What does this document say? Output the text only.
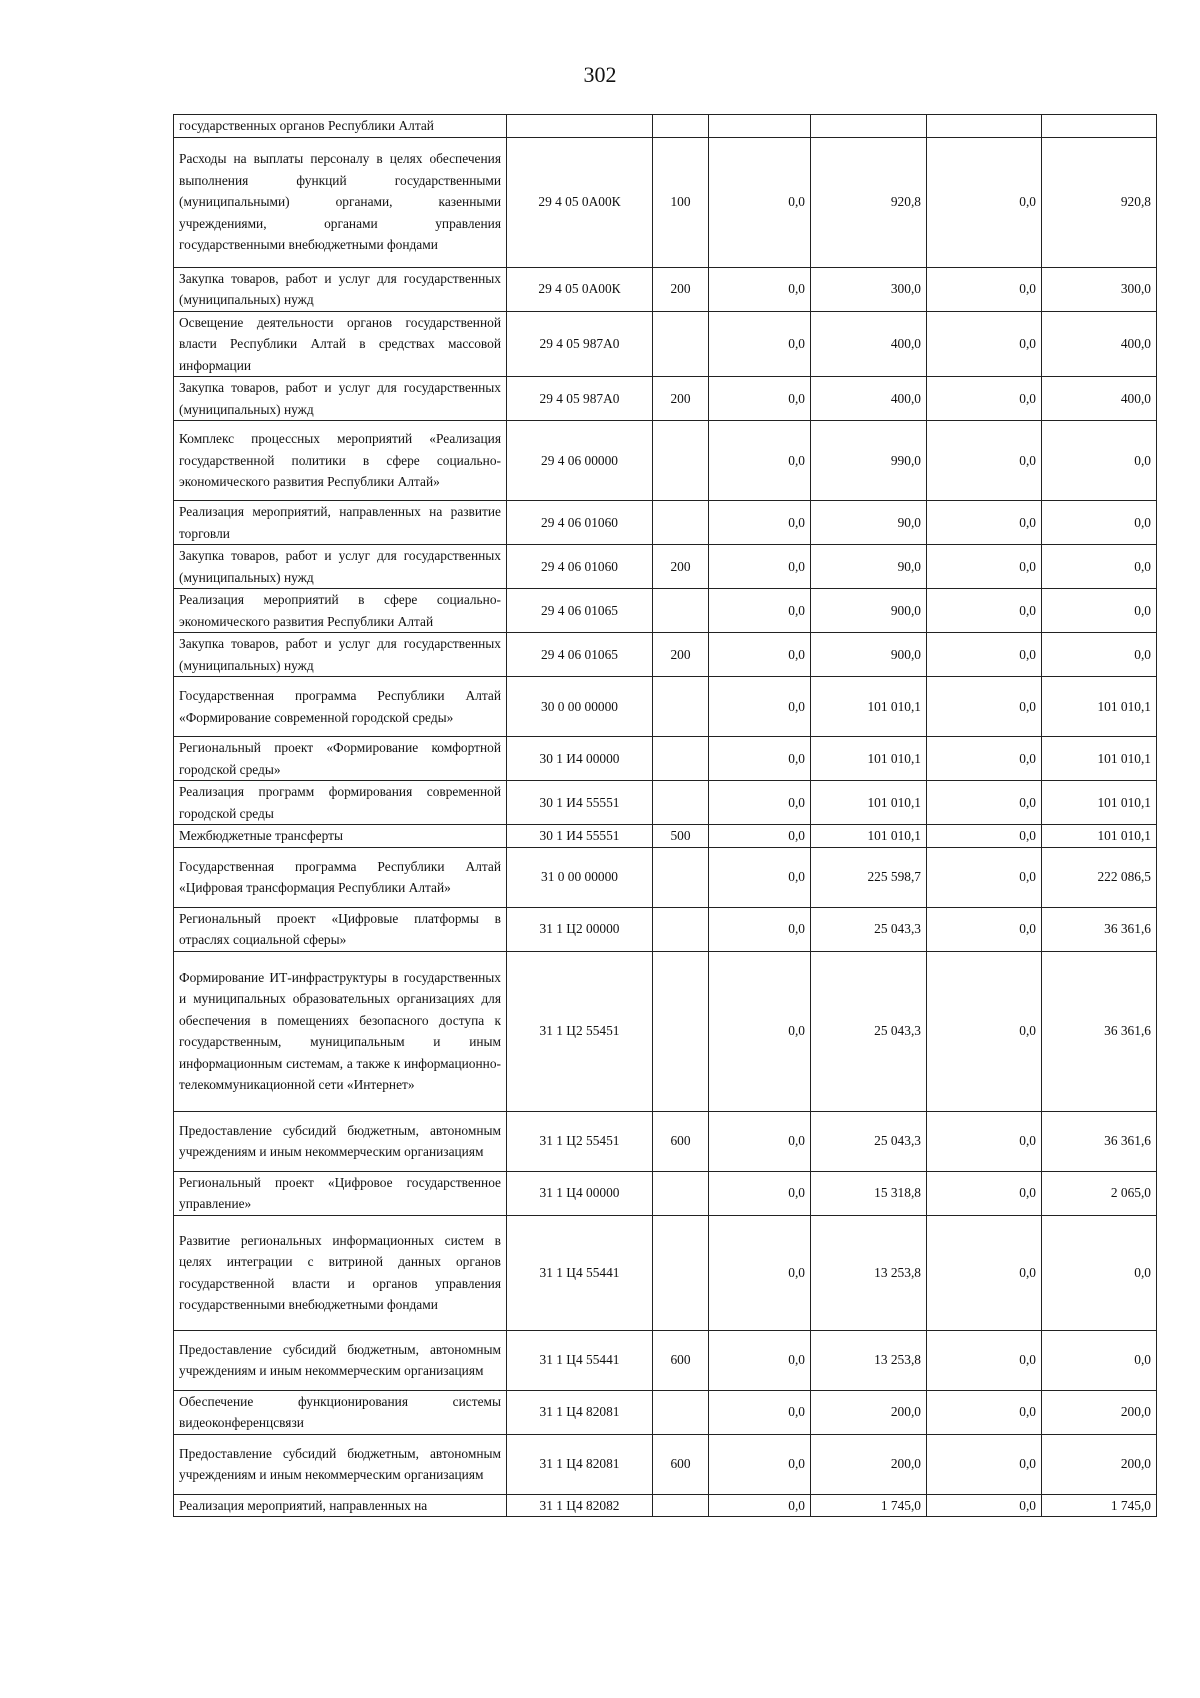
302
государственных органов Республики Алтай						
Расходы на выплаты персоналу в целях обеспечения выполнения функций государственными (муниципальными) органами, казенными учреждениями, органами управления государственными внебюджетными фондами	29 4 05 0А00К	100	0,0	920,8	0,0	920,8
Закупка товаров, работ и услуг для государственных (муниципальных) нужд	29 4 05 0А00К	200	0,0	300,0	0,0	300,0
Освещение деятельности органов государственной власти Республики Алтай в средствах массовой информации	29 4 05 987А0		0,0	400,0	0,0	400,0
Закупка товаров, работ и услуг для государственных (муниципальных) нужд	29 4 05 987А0	200	0,0	400,0	0,0	400,0
Комплекс процессных мероприятий «Реализация государственной политики в сфере социально-экономического развития Республики Алтай»	29 4 06 00000		0,0	990,0	0,0	0,0
Реализация мероприятий, направленных на развитие торговли	29 4 06 01060		0,0	90,0	0,0	0,0
Закупка товаров, работ и услуг для государственных (муниципальных) нужд	29 4 06 01060	200	0,0	90,0	0,0	0,0
Реализация мероприятий в сфере социально-экономического развития Республики Алтай	29 4 06 01065		0,0	900,0	0,0	0,0
Закупка товаров, работ и услуг для государственных (муниципальных) нужд	29 4 06 01065	200	0,0	900,0	0,0	0,0
Государственная программа Республики Алтай «Формирование современной городской среды»	30 0 00 00000		0,0	101 010,1	0,0	101 010,1
Региональный проект «Формирование комфортной городской среды»	30 1 И4 00000		0,0	101 010,1	0,0	101 010,1
Реализация программ формирования современной городской среды	30 1 И4 55551		0,0	101 010,1	0,0	101 010,1
Межбюджетные трансферты	30 1 И4 55551	500	0,0	101 010,1	0,0	101 010,1
Государственная программа Республики Алтай «Цифровая трансформация Республики Алтай»	31 0 00 00000		0,0	225 598,7	0,0	222 086,5
Региональный проект «Цифровые платформы в отраслях социальной сферы»	31 1 Ц2 00000		0,0	25 043,3	0,0	36 361,6
Формирование ИТ-инфраструктуры в государственных и муниципальных образовательных организациях для обеспечения в помещениях безопасного доступа к государственным, муниципальным и иным информационным системам, а также к информационно-телекоммуникационной сети «Интернет»	31 1 Ц2 55451		0,0	25 043,3	0,0	36 361,6
Предоставление субсидий бюджетным, автономным учреждениям и иным некоммерческим организациям	31 1 Ц2 55451	600	0,0	25 043,3	0,0	36 361,6
Региональный проект «Цифровое государственное управление»	31 1 Ц4 00000		0,0	15 318,8	0,0	2 065,0
Развитие региональных информационных систем в целях интеграции с витриной данных органов государственной власти и органов управления государственными внебюджетными фондами	31 1 Ц4 55441		0,0	13 253,8	0,0	0,0
Предоставление субсидий бюджетным, автономным учреждениям и иным некоммерческим организациям	31 1 Ц4 55441	600	0,0	13 253,8	0,0	0,0
Обеспечение функционирования системы видеоконференцсвязи	31 1 Ц4 82081		0,0	200,0	0,0	200,0
Предоставление субсидий бюджетным, автономным учреждениям и иным некоммерческим организациям	31 1 Ц4 82081	600	0,0	200,0	0,0	200,0
Реализация мероприятий, направленных на	31 1 Ц4 82082		0,0	1 745,0	0,0	1 745,0
